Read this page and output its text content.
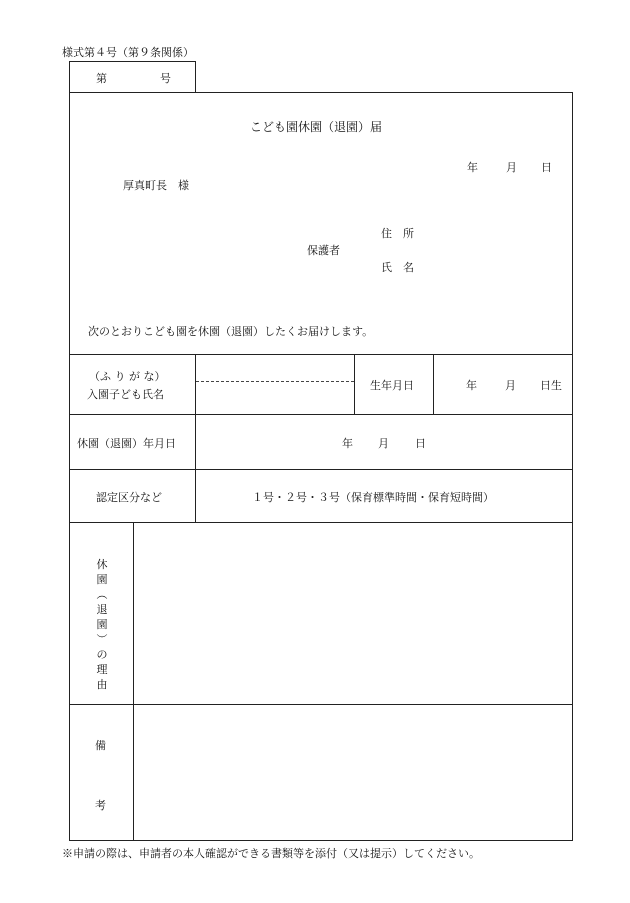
様式第４号（第９条関係）
第	号
こども園休園（退園）届
年	月 日
厚真町長　様
住　所
保護者
氏　名
次のとおりこども園を休園（退園）したくお届けします。
（ふ り が な）
入園子ども氏名
生年月日	年	月 日生
休園（退園）年月日	年 月 日
認定区分など	１号・２号・３号（保育標準時間・保育短時間）
休
園
︵
退
園
︶
の
理
由
備
考
※申請の際は、申請者の本人確認ができる書類等を添付（又は提示）してください。
